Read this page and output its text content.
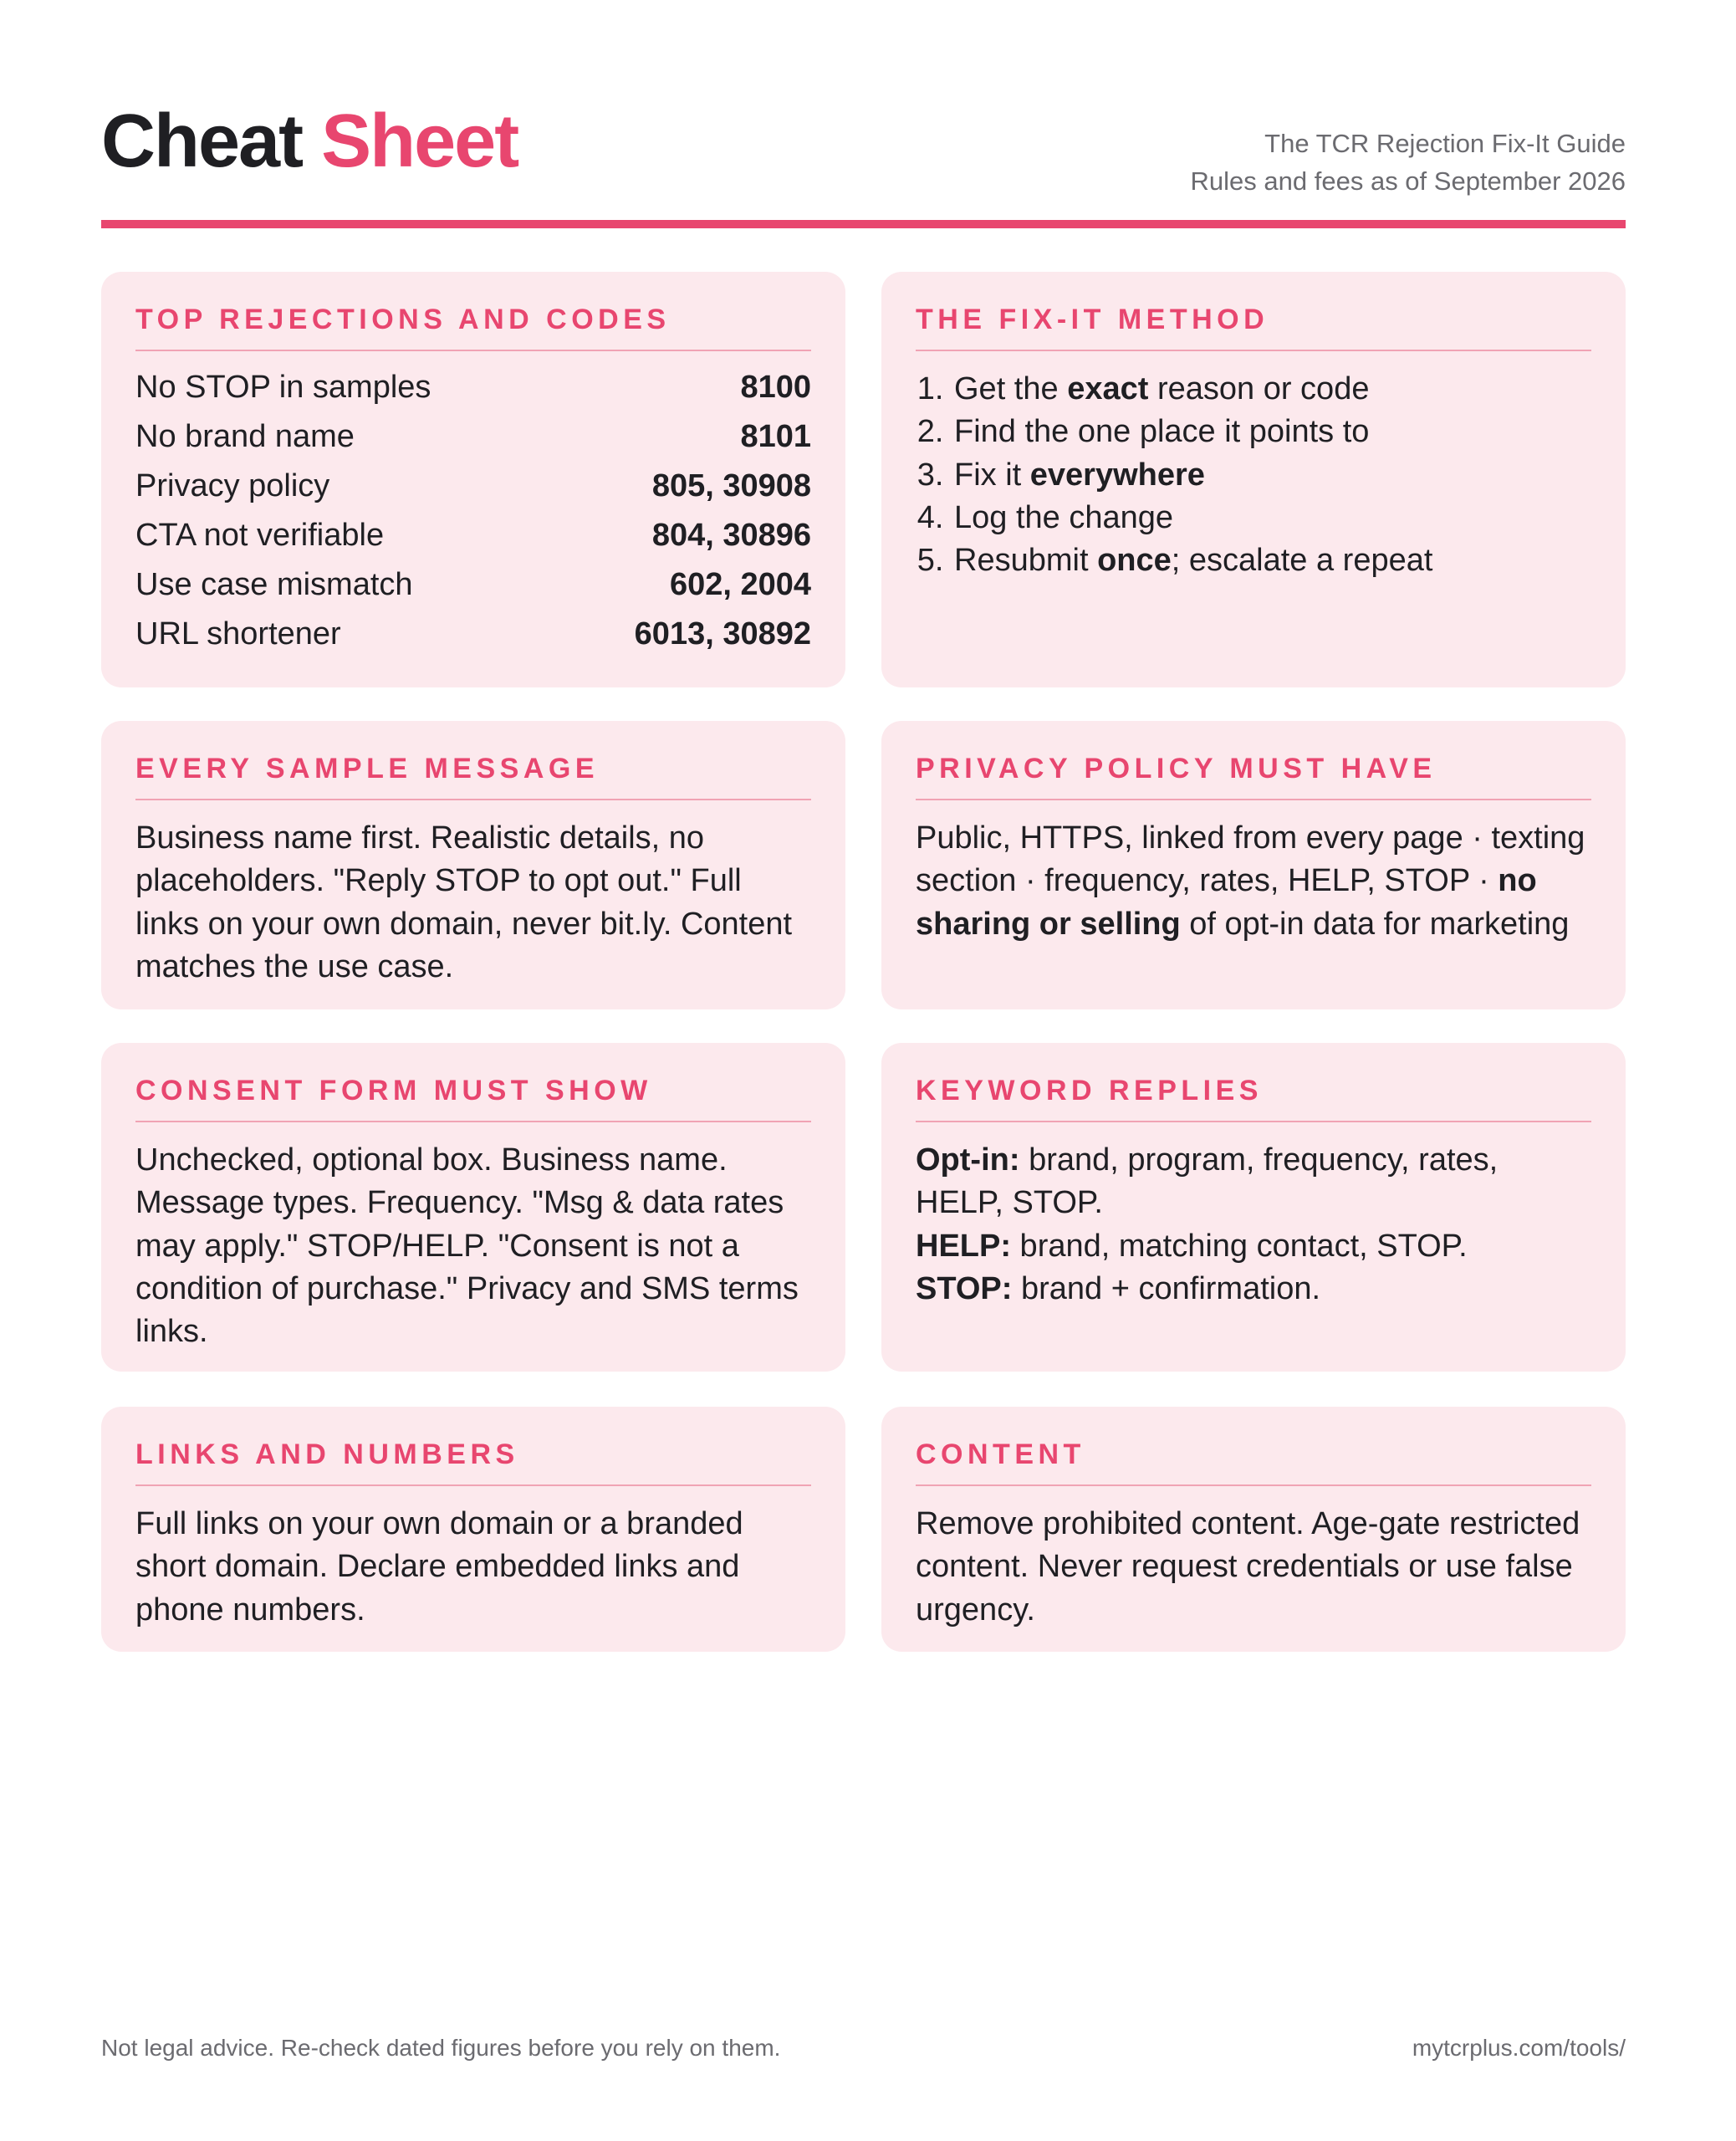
Cheat Sheet	The TCR Rejection Fix-It Guide
Rules and fees as of September 2026
TOP REJECTIONS AND CODES
No STOP in samples	8100
No brand name	8101
Privacy policy	805, 30908
CTA not verifiable	804, 30896
Use case mismatch	602, 2004
URL shortener	6013, 30892
THE FIX-IT METHOD
1. Get the exact reason or code
2. Find the one place it points to
3. Fix it everywhere
4. Log the change
5. Resubmit once; escalate a repeat
EVERY SAMPLE MESSAGE
Business name first. Realistic details, no placeholders. "Reply STOP to opt out." Full links on your own domain, never bit.ly. Content matches the use case.
PRIVACY POLICY MUST HAVE
Public, HTTPS, linked from every page · texting section · frequency, rates, HELP, STOP · no sharing or selling of opt-in data for marketing
CONSENT FORM MUST SHOW
Unchecked, optional box. Business name. Message types. Frequency. "Msg & data rates may apply." STOP/HELP. "Consent is not a condition of purchase." Privacy and SMS terms links.
KEYWORD REPLIES
Opt-in: brand, program, frequency, rates, HELP, STOP.
HELP: brand, matching contact, STOP.
STOP: brand + confirmation.
LINKS AND NUMBERS
Full links on your own domain or a branded short domain. Declare embedded links and phone numbers.
CONTENT
Remove prohibited content. Age-gate restricted content. Never request credentials or use false urgency.
Not legal advice. Re-check dated figures before you rely on them.	mytcrplus.com/tools/
